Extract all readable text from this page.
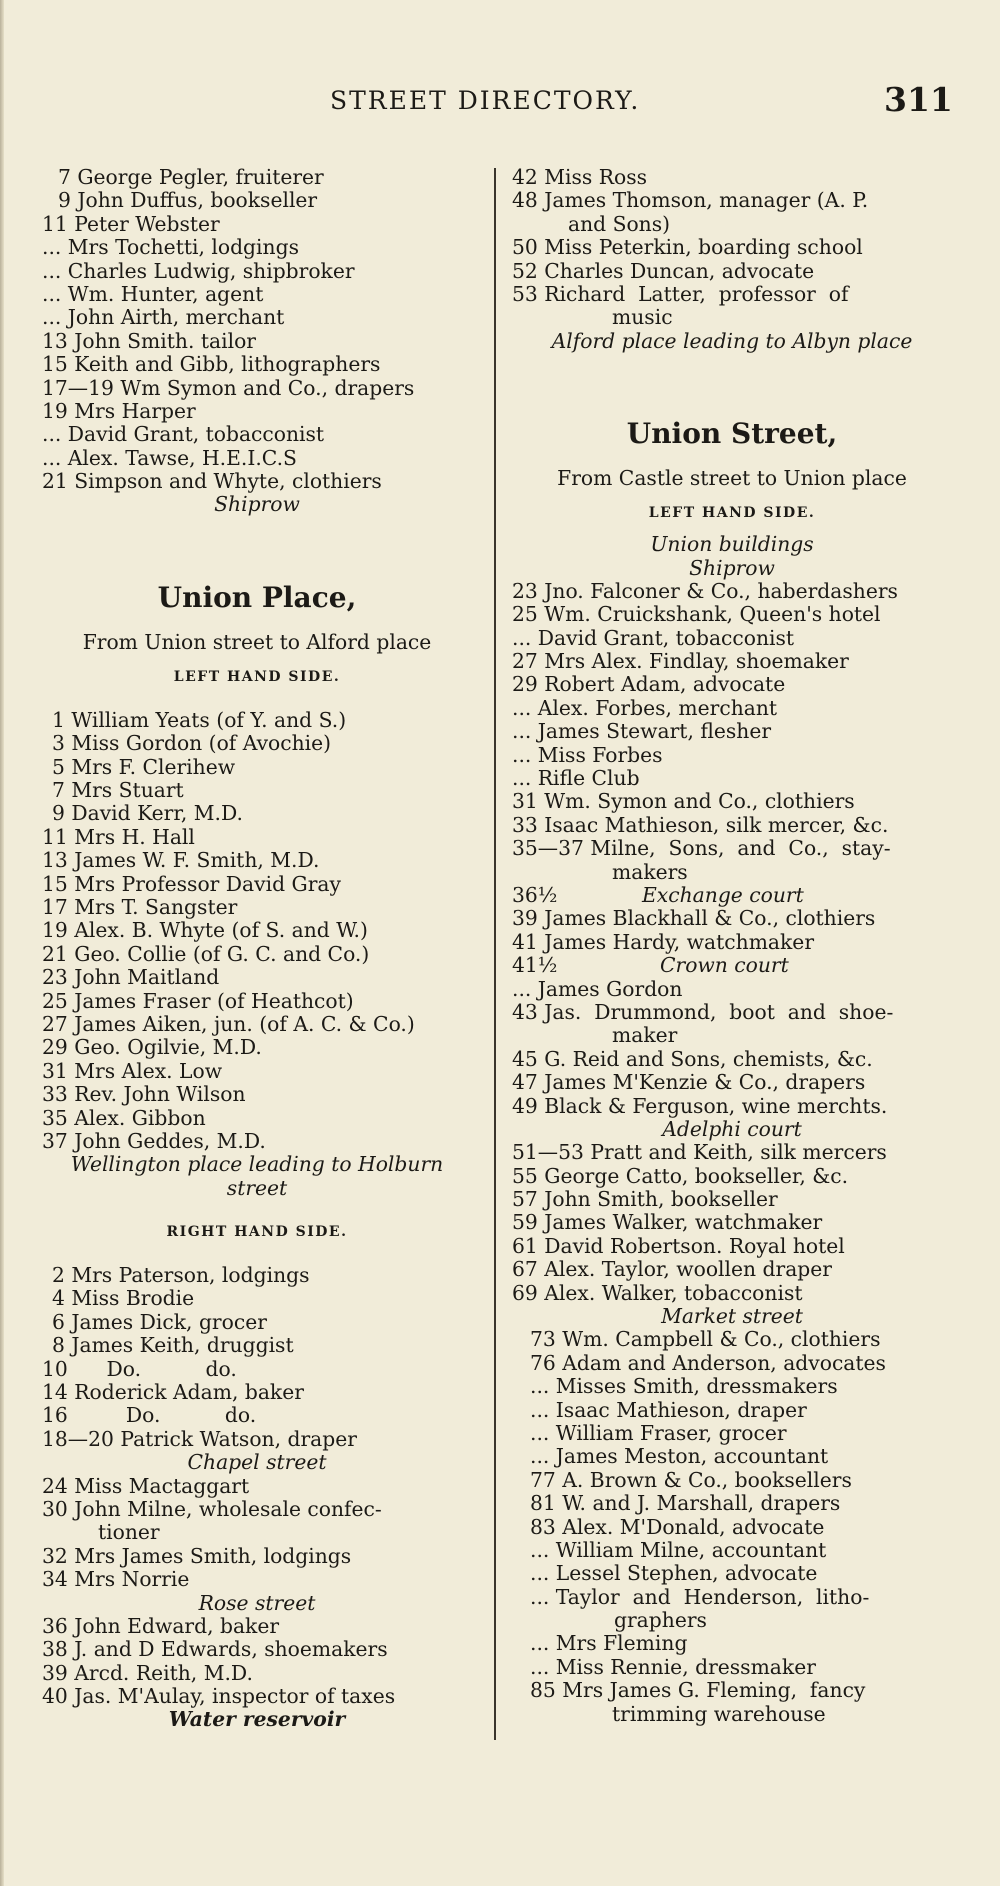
STREET DIRECTORY.	311
7 George Pegler, fruiterer
9 John Duffus, bookseller
11 Peter Webster
... Mrs Tochetti, lodgings
... Charles Ludwig, shipbroker
... Wm. Hunter, agent
... John Airth, merchant
13 John Smith. tailor
15 Keith and Gibb, lithographers
17—19 Wm Symon and Co., drapers
19 Mrs Harper
... David Grant, tobacconist
... Alex. Tawse, H.E.I.C.S
21 Simpson and Whyte, clothiers
Shiprow
Union Place,
From Union street to Alford place
LEFT HAND SIDE.
1 William Yeats (of Y. and S.)
3 Miss Gordon (of Avochie)
5 Mrs F. Clerihew
7 Mrs Stuart
9 David Kerr, M.D.
11 Mrs H. Hall
13 James W. F. Smith, M.D.
15 Mrs Professor David Gray
17 Mrs T. Sangster
19 Alex. B. Whyte (of S. and W.)
21 Geo. Collie (of G. C. and Co.)
23 John Maitland
25 James Fraser (of Heathcot)
27 James Aiken, jun. (of A. C. & Co.)
29 Geo. Ogilvie, M.D.
31 Mrs Alex. Low
33 Rev. John Wilson
35 Alex. Gibbon
37 John Geddes, M.D.
Wellington place leading to Holburn
street
RIGHT HAND SIDE.
2 Mrs Paterson, lodgings
4 Miss Brodie
6 James Dick, grocer
8 James Keith, druggist
10      Do.          do.
14 Roderick Adam, baker
16         Do.          do.
18—20 Patrick Watson, draper
Chapel street
24 Miss Mactaggart
30 John Milne, wholesale confec-
tioner
32 Mrs James Smith, lodgings
34 Mrs Norrie
Rose street
36 John Edward, baker
38 J. and D Edwards, shoemakers
39 Arcd. Reith, M.D.
40 Jas. M'Aulay, inspector of taxes
Water reservoir
42 Miss Ross
48 James Thomson, manager (A. P.
and Sons)
50 Miss Peterkin, boarding school
52 Charles Duncan, advocate
53 Richard  Latter,  professor  of
music
Alford place leading to Albyn place
Union Street,
From Castle street to Union place
LEFT HAND SIDE.
Union buildings
Shiprow
23 Jno. Falconer & Co., haberdashers
25 Wm. Cruickshank, Queen's hotel
... David Grant, tobacconist
27 Mrs Alex. Findlay, shoemaker
29 Robert Adam, advocate
... Alex. Forbes, merchant
... James Stewart, flesher
... Miss Forbes
... Rifle Club
31 Wm. Symon and Co., clothiers
33 Isaac Mathieson, silk mercer, &c.
35—37 Milne,  Sons,  and  Co.,  stay-
makers
36½	Exchange court
39 James Blackhall & Co., clothiers
41 James Hardy, watchmaker
41½	Crown court
... James Gordon
43 Jas.  Drummond,  boot  and  shoe-
maker
45 G. Reid and Sons, chemists, &c.
47 James M'Kenzie & Co., drapers
49 Black & Ferguson, wine merchts.
Adelphi court
51—53 Pratt and Keith, silk mercers
55 George Catto, bookseller, &c.
57 John Smith, bookseller
59 James Walker, watchmaker
61 David Robertson. Royal hotel
67 Alex. Taylor, woollen draper
69 Alex. Walker, tobacconist
Market street
73 Wm. Campbell & Co., clothiers
76 Adam and Anderson, advocates
... Misses Smith, dressmakers
... Isaac Mathieson, draper
... William Fraser, grocer
... James Meston, accountant
77 A. Brown & Co., booksellers
81 W. and J. Marshall, drapers
83 Alex. M'Donald, advocate
... William Milne, accountant
... Lessel Stephen, advocate
... Taylor  and  Henderson,  litho-
graphers
... Mrs Fleming
... Miss Rennie, dressmaker
85 Mrs James G. Fleming,  fancy
trimming warehouse
